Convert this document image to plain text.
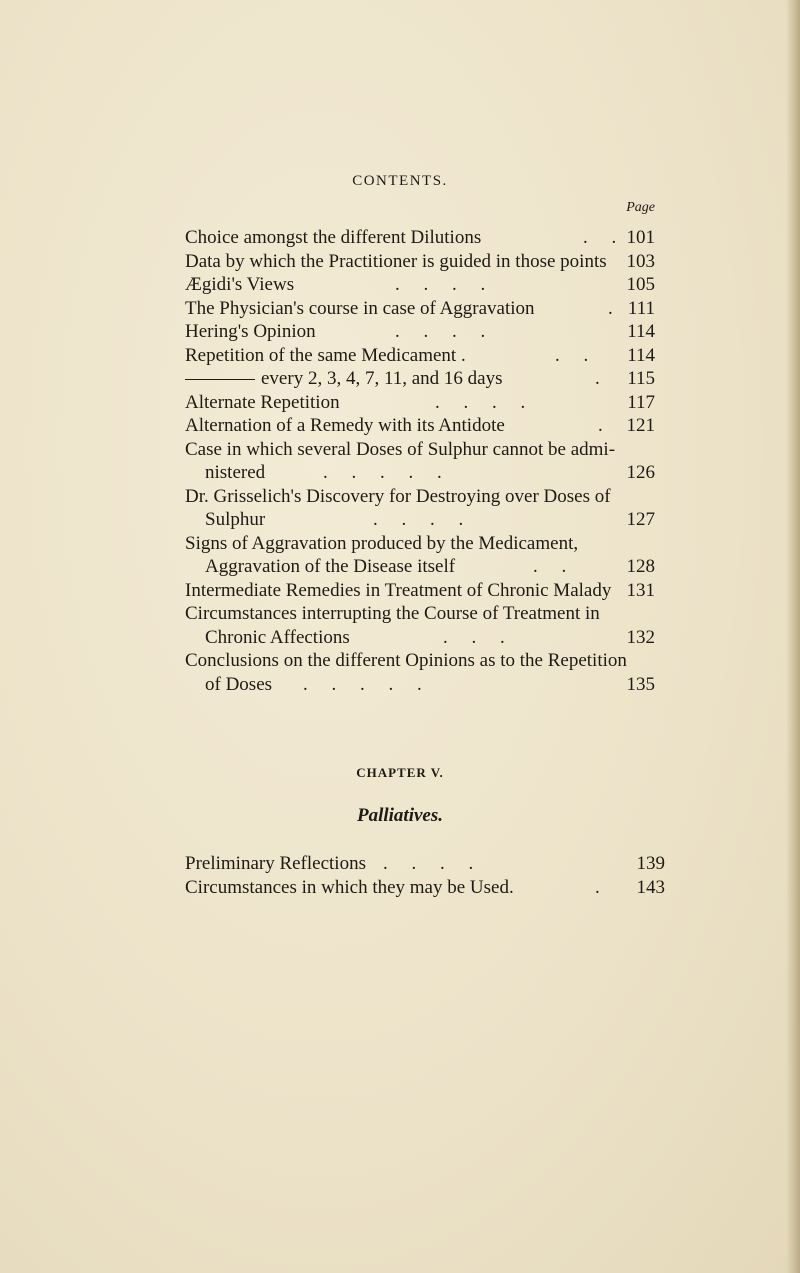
CONTENTS.
Page
Choice amongst the different Dilutions	.     . 101
Data by which the Practitioner is guided in those points	103
Ægidi's Views	.     .     .     .	105
The Physician's course in case of Aggravation	. 111
Hering's Opinion	.     .     .     .	114
Repetition of the same Medicament .	.     .	114
every 2, 3, 4, 7, 11, and 16 days	.	115
Alternate Repetition	.     .     .     .	117
Alternation of a Remedy with its Antidote	.	121
Case in which several Doses of Sulphur cannot be admi-
nistered	.     .     .     .     .	126
Dr. Grisselich's Discovery for Destroying over Doses of
Sulphur	.     .     .     .	127
Signs of Aggravation produced by the Medicament,
Aggravation of the Disease itself	.     .	128
Intermediate Remedies in Treatment of Chronic Malady 131
Circumstances interrupting the Course of Treatment in
Chronic Affections	.     .     .	132
Conclusions on the different Opinions as to the Repetition
of Doses .     .     .     .     .	135
CHAPTER V.
Palliatives.
Preliminary Reflections .     .     .     .	139
Circumstances in which they may be Used.	.	143
